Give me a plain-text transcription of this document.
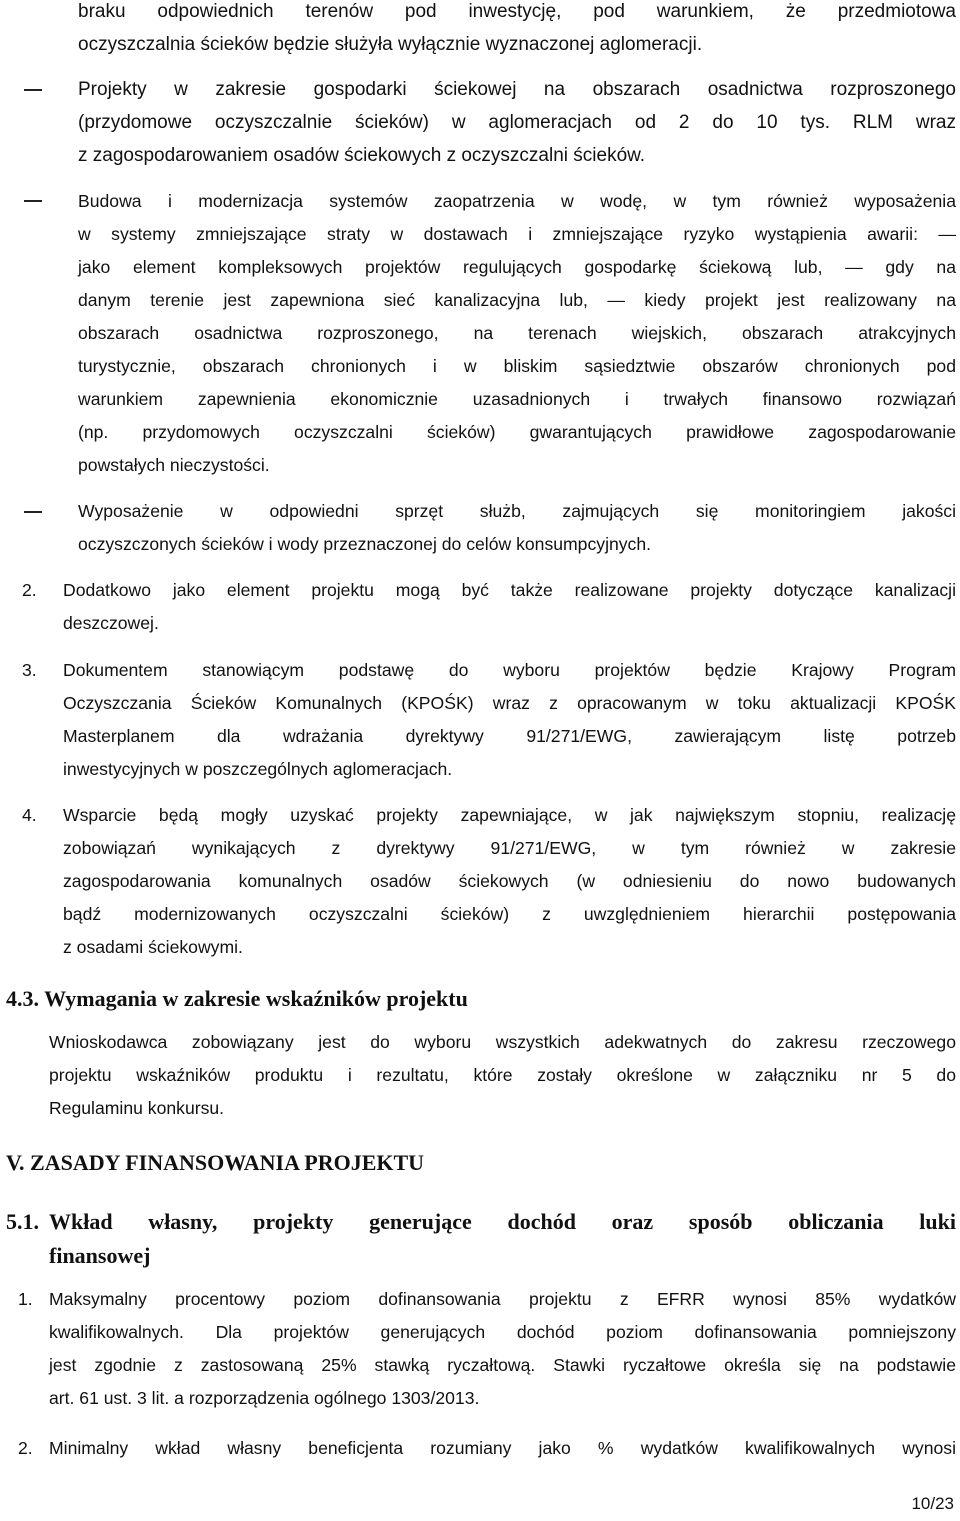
braku odpowiednich terenów pod inwestycję, pod warunkiem, że przedmiotowa
oczyszczalnia ścieków będzie służyła wyłącznie wyznaczonej aglomeracji.
Projekty w zakresie gospodarki ściekowej na obszarach osadnictwa rozproszonego
(przydomowe oczyszczalnie ścieków) w aglomeracjach od 2 do 10 tys. RLM wraz
z zagospodarowaniem osadów ściekowych z oczyszczalni ścieków.
Budowa i modernizacja systemów zaopatrzenia w wodę, w tym również wyposażenia
w systemy zmniejszające straty w dostawach i zmniejszające ryzyko wystąpienia awarii: —
jako element kompleksowych projektów regulujących gospodarkę ściekową lub, — gdy na
danym terenie jest zapewniona sieć kanalizacyjna lub, — kiedy projekt jest realizowany na
obszarach osadnictwa rozproszonego, na terenach wiejskich, obszarach atrakcyjnych
turystycznie, obszarach chronionych i w bliskim sąsiedztwie obszarów chronionych pod
warunkiem zapewnienia ekonomicznie uzasadnionych i trwałych finansowo rozwiązań
(np. przydomowych oczyszczalni ścieków) gwarantujących prawidłowe zagospodarowanie
powstałych nieczystości.
Wyposażenie w odpowiedni sprzęt służb, zajmujących się monitoringiem jakości
oczyszczonych ścieków i wody przeznaczonej do celów konsumpcyjnych.
2. Dodatkowo jako element projektu mogą być także realizowane projekty dotyczące kanalizacji
deszczowej.
3. Dokumentem stanowiącym podstawę do wyboru projektów będzie Krajowy Program
Oczyszczania Ścieków Komunalnych (KPOŚK) wraz z opracowanym w toku aktualizacji KPOŚK
Masterplanem dla wdrażania dyrektywy 91/271/EWG, zawierającym listę potrzeb
inwestycyjnych w poszczególnych aglomeracjach.
4. Wsparcie będą mogły uzyskać projekty zapewniające, w jak największym stopniu, realizację
zobowiązań wynikających z dyrektywy 91/271/EWG, w tym również w zakresie
zagospodarowania komunalnych osadów ściekowych (w odniesieniu do nowo budowanych
bądź modernizowanych oczyszczalni ścieków) z uwzględnieniem hierarchii postępowania
z osadami ściekowymi.
4.3. Wymagania w zakresie wskaźników projektu
Wnioskodawca zobowiązany jest do wyboru wszystkich adekwatnych do zakresu rzeczowego
projektu wskaźników produktu i rezultatu, które zostały określone w załączniku nr 5 do
Regulaminu konkursu.
V. ZASADY FINANSOWANIA PROJEKTU
5.1. Wkład własny, projekty generujące dochód oraz sposób obliczania luki
finansowej
1. Maksymalny procentowy poziom dofinansowania projektu z EFRR wynosi 85% wydatków
kwalifikowalnych. Dla projektów generujących dochód poziom dofinansowania pomniejszony
jest zgodnie z zastosowaną 25% stawką ryczałtową. Stawki ryczałtowe określa się na podstawie
art. 61 ust. 3 lit. a rozporządzenia ogólnego 1303/2013.
2. Minimalny wkład własny beneficjenta rozumiany jako % wydatków kwalifikowalnych wynosi
10/23
